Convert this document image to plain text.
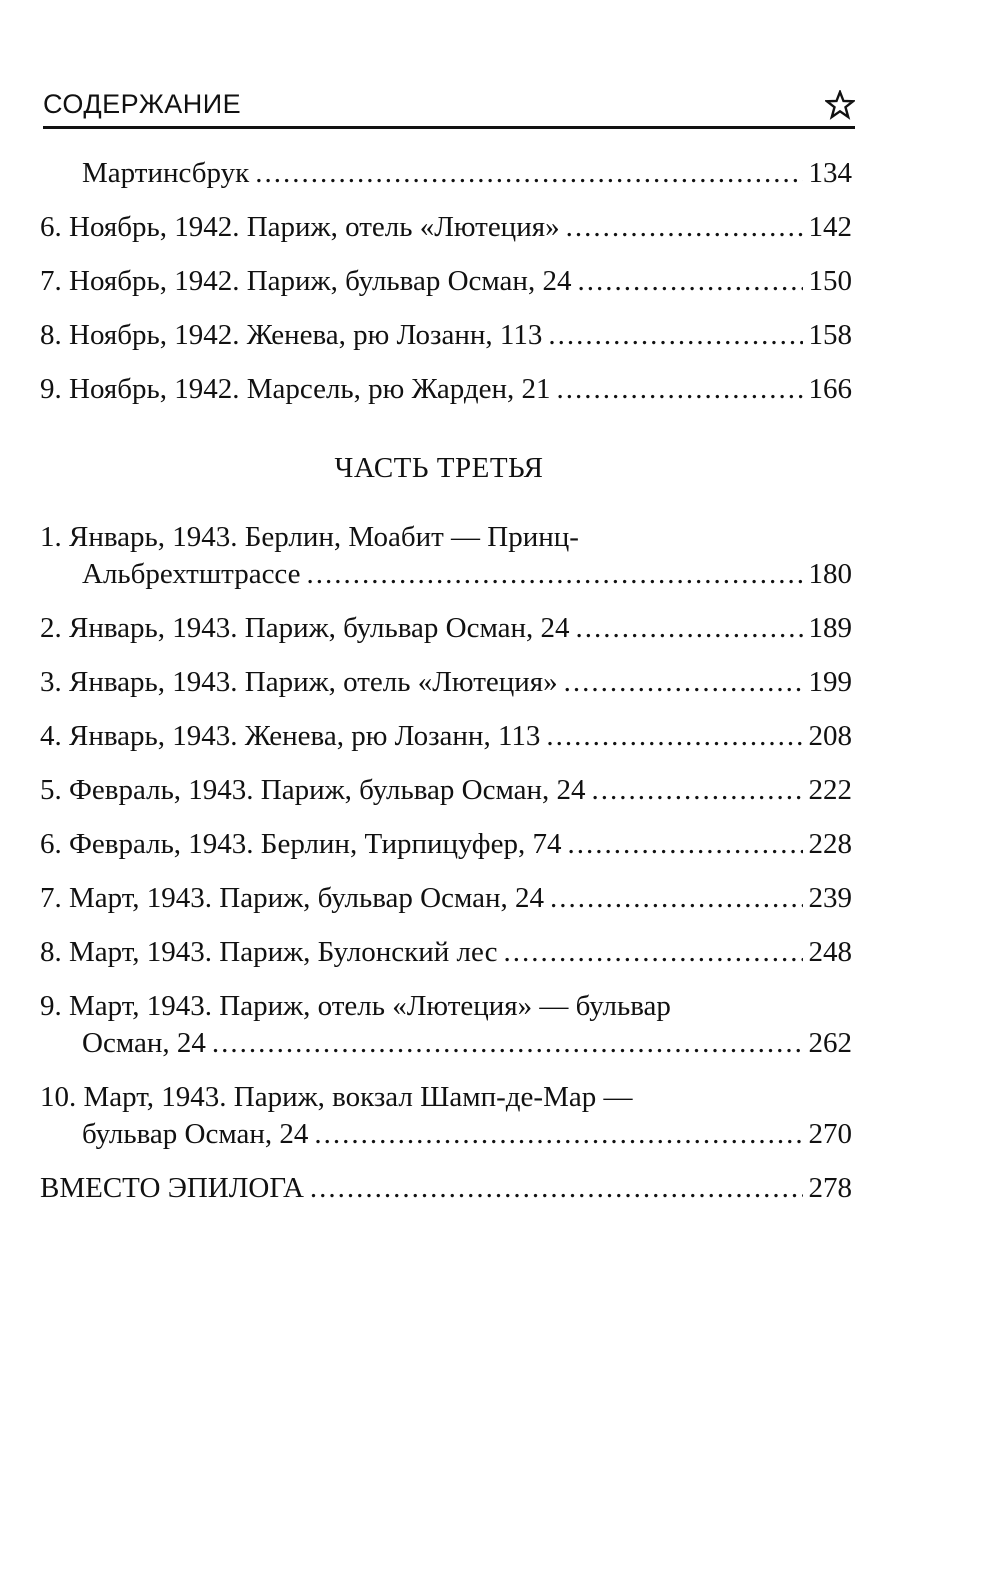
СОДЕРЖАНИЕ
Мартинсбрук .....	134
6. Ноябрь, 1942. Париж, отель «Лютеция» .....	142
7. Ноябрь, 1942. Париж, бульвар Осман, 24 .....	150
8. Ноябрь, 1942. Женева, рю Лозанн, 113 .....	158
9. Ноябрь, 1942. Марсель, рю Жарден, 21 .....	166
ЧАСТЬ ТРЕТЬЯ
1. Январь, 1943. Берлин, Моабит — Принц-
Альбрехтштрассе .....	180
2. Январь, 1943. Париж, бульвар Осман, 24 .....	189
3. Январь, 1943. Париж, отель «Лютеция» .....	199
4. Январь, 1943. Женева, рю Лозанн, 113 .....	208
5. Февраль, 1943. Париж, бульвар Осман, 24 .....	222
6. Февраль, 1943. Берлин, Тирпицуфер, 74 .....	228
7. Март, 1943. Париж, бульвар Осман, 24 .....	239
8. Март, 1943. Париж, Булонский лес .....	248
9. Март, 1943. Париж, отель «Лютеция» — бульвар
Осман, 24 .....	262
10. Март, 1943. Париж, вокзал Шамп-де-Мар —
бульвар Осман, 24 .....	270
ВМЕСТО ЭПИЛОГА .....	278
